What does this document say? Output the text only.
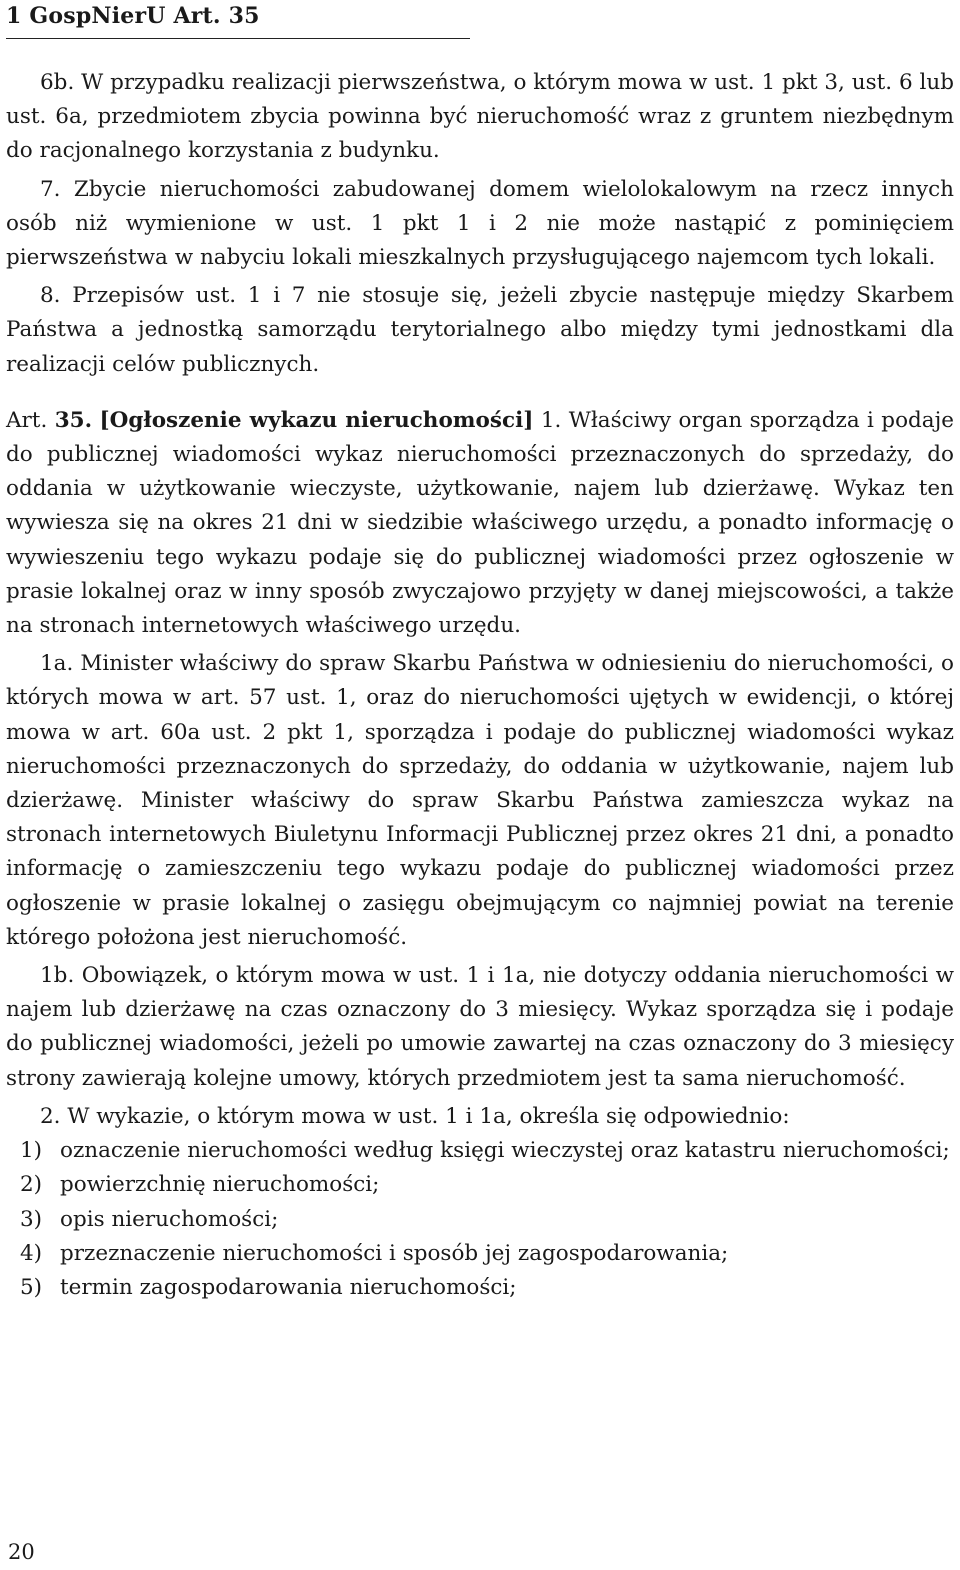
1 GospNierU Art. 35

6b. W przypadku realizacji pierwszeństwa, o którym mowa w ust. 1 pkt 3, ust. 6 lub ust. 6a, przedmiotem zbycia powinna być nieruchomość wraz z gruntem niezbędnym do racjonalnego korzystania z budynku.

7. Zbycie nieruchomości zabudowanej domem wielolokalowym na rzecz innych osób niż wymienione w ust. 1 pkt 1 i 2 nie może nastąpić z pominięciem pierwszeństwa w nabyciu lokali mieszkalnych przysługującego najemcom tych lokali.

8. Przepisów ust. 1 i 7 nie stosuje się, jeżeli zbycie następuje między Skarbem Państwa a jednostką samorządu terytorialnego albo między tymi jednostkami dla realizacji celów publicznych.

Art. 35. [Ogłoszenie wykazu nieruchomości] 1. Właściwy organ sporządza i podaje do publicznej wiadomości wykaz nieruchomości przeznaczonych do sprzedaży, do oddania w użytkowanie wieczyste, użytkowanie, najem lub dzierżawę. Wykaz ten wywiesza się na okres 21 dni w siedzibie właściwego urzędu, a ponadto informację o wywieszeniu tego wykazu podaje się do publicznej wiadomości przez ogłoszenie w prasie lokalnej oraz w inny sposób zwyczajowo przyjęty w danej miejscowości, a także na stronach internetowych właściwego urzędu.

1a. Minister właściwy do spraw Skarbu Państwa w odniesieniu do nieruchomości, o których mowa w art. 57 ust. 1, oraz do nieruchomości ujętych w ewidencji, o której mowa w art. 60a ust. 2 pkt 1, sporządza i podaje do publicznej wiadomości wykaz nieruchomości przeznaczonych do sprzedaży, do oddania w użytkowanie, najem lub dzierżawę. Minister właściwy do spraw Skarbu Państwa zamieszcza wykaz na stronach internetowych Biuletynu Informacji Publicznej przez okres 21 dni, a ponadto informację o zamieszczeniu tego wykazu podaje do publicznej wiadomości przez ogłoszenie w prasie lokalnej o zasięgu obejmującym co najmniej powiat na terenie którego położona jest nieruchomość.

1b. Obowiązek, o którym mowa w ust. 1 i 1a, nie dotyczy oddania nieruchomości w najem lub dzierżawę na czas oznaczony do 3 miesięcy. Wykaz sporządza się i podaje do publicznej wiadomości, jeżeli po umowie zawartej na czas oznaczony do 3 miesięcy strony zawierają kolejne umowy, których przedmiotem jest ta sama nieruchomość.

2. W wykazie, o którym mowa w ust. 1 i 1a, określa się odpowiednio:

1) oznaczenie nieruchomości według księgi wieczystej oraz katastru nieruchomości;
2) powierzchnię nieruchomości;
3) opis nieruchomości;
4) przeznaczenie nieruchomości i sposób jej zagospodarowania;
5) termin zagospodarowania nieruchomości;
20
